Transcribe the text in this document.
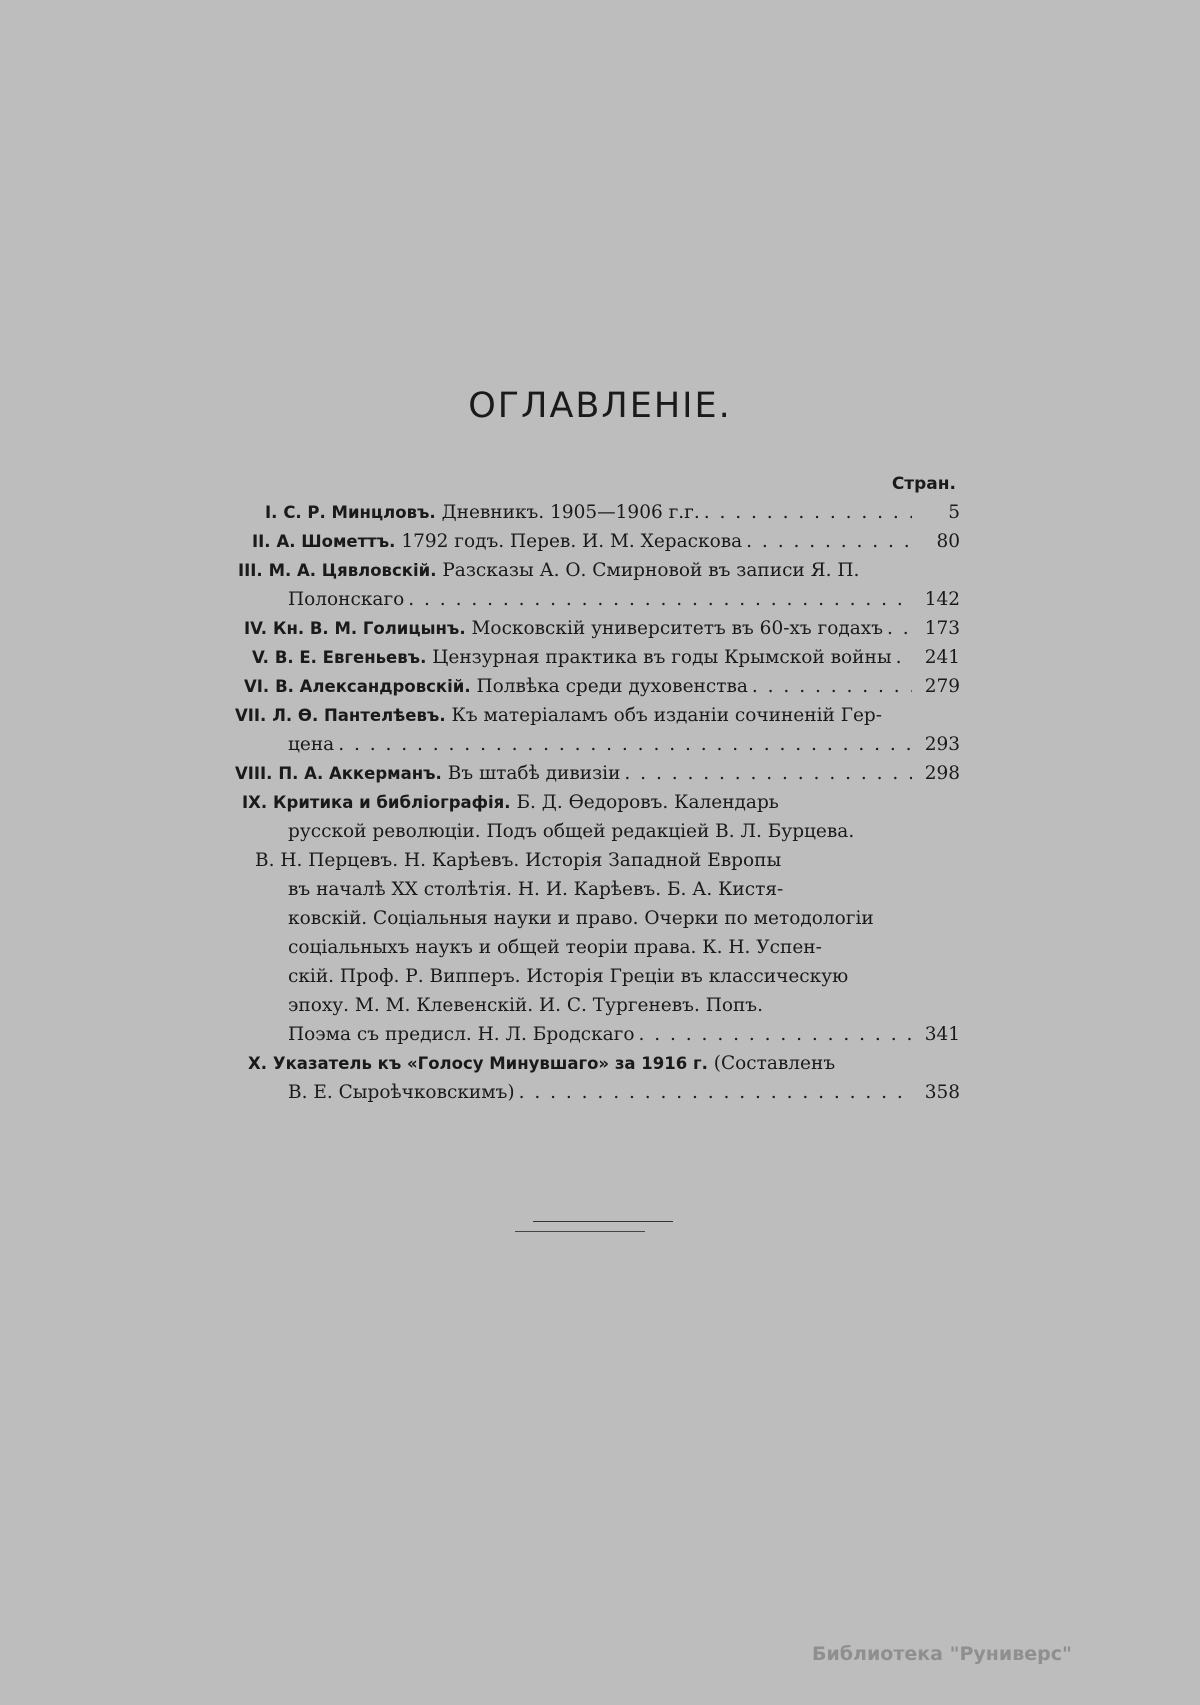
ОГЛАВЛЕНIЕ.
Стран.
I. С. Р. Минцловъ. Дневникъ. 1905—1906 г.г. . . .	5
II. А. Шометтъ. 1792 годъ. Перев. И. М. Хераскова . . .	80
III. М. А. Цявловскiй. Разсказы А. О. Смирновой въ записи Я. П.
Полонскаго . . .	142
IV. Кн. В. М. Голицынъ. Московскiй университетъ въ 60-хъ годахъ . . .	173
V. В. Е. Евгеньевъ. Цензурная практика въ годы Крымской войны . . .	241
VI. В. Александровскiй. Полвѣка среди духовенства . . .	279
VII. Л. Ѳ. Пантелѣевъ. Къ матерiаламъ объ изданiи сочиненiй Гер-
цена . . .	293
VIII. П. А. Аккерманъ. Въ штабѣ дивизiи . . .	298
IX. Критика и библiографiя. Б. Д. Ѳедоровъ. Календарь
русской революцiи. Подъ общей редакцiей В. Л. Бурцева.
В. Н. Перцевъ. Н. Карѣевъ. Исторiя Западной Европы
въ началѣ XX столѣтiя. Н. И. Карѣевъ. Б. А. Кистя-
ковскiй. Соцiальныя науки и право. Очерки по методологiи
соцiальныхъ наукъ и общей теорiи права. К. Н. Успен-
скiй. Проф. Р. Випперъ. Исторiя Грецiи въ классическую
эпоху. М. М. Клевенскiй. И. С. Тургеневъ. Попъ.
Поэма съ предисл. Н. Л. Бродскаго . . .	341
X. Указатель къ «Голосу Минувшаго» за 1916 г. (Составленъ
В. Е. Сыроѣчковскимъ) . . .	358
Библиотека "Руниверс"
